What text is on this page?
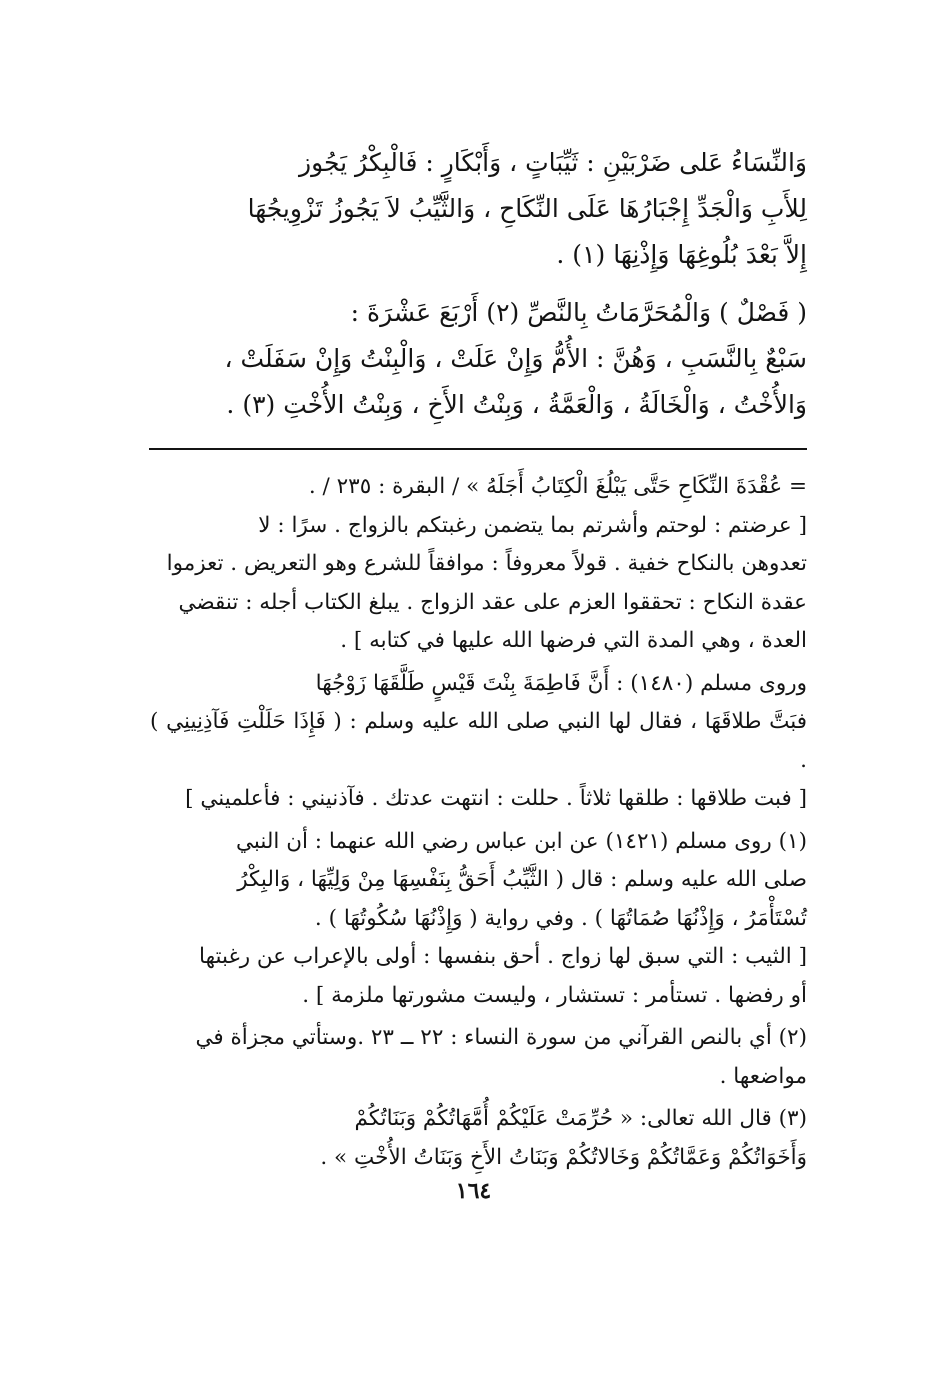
وَالنِّسَاءُ عَلى ضَرْبَيْنِ : ثَيِّبَاتٍ ، وَأَبْكَارٍ : فَالْبِكْرُ يَجُوز

لِلأَبِ وَالْجَدِّ إِجْبَارُهَا عَلَى النِّكَاحِ ، وَالثَّيِّبُ لاَ يَجُوزُ تَزْوِيجُهَا

إِلاَّ بَعْدَ بُلُوغِهَا وَإِذْنِهَا (١) .

( فَصْلٌ ) وَالْمُحَرَّمَاتُ بِالنَّصِّ (٢) أَرْبَعَ عَشْرَةَ :

سَبْعٌ بِالنَّسَبِ ، وَهُنَّ : الأُمُّ وَإِنْ عَلَتْ ، وَالْبِنْتُ وَإِنْ سَفَلَتْ ،

وَالأُخْتُ ، وَالْخَالَةُ ، وَالْعَمَّةُ ، وَبِنْتُ الأَخِ ، وَبِنْتُ الأُخْتِ (٣) .

= عُقْدَةَ النِّكَاحِ حَتَّى يَبْلُغَ الْكِتَابُ أَجَلَهُ » / البقرة : ٢٣٥ / .

[ عرضتم : لوحتم وأشرتم بما يتضمن رغبتكم بالزواج . سرًا : لا

تعدوهن بالنكاح خفية . قولاً معروفاً : موافقاً للشرع وهو التعريض . تعزموا

عقدة النكاح : تحققوا العزم على عقد الزواج . يبلغ الكتاب أجله : تنقضي

العدة ، وهي المدة التي فرضها الله عليها في كتابه ] .

وروى مسلم (١٤٨٠) : أَنَّ فَاطِمَةَ بِنْتَ قَيْسٍ طَلَّقَهَا زَوْجُهَا

فبَتَّ طلاقَهَا ، فقال لها النبي صلى الله عليه وسلم : ( فَإِذَا حَلَلْتِ فَآذِنِينِي ) .

[ فبت طلاقها : طلقها ثلاثاً . حللت : انتهت عدتك . فآذنيني : فأعلميني ]

(١) روى مسلم (١٤٢١) عن ابن عباس رضي الله عنهما : أن النبي

صلى الله عليه وسلم : قال ( الثَّيِّبُ أَحَقُّ بِنَفْسِهَا مِنْ وَلِيِّهَا ، وَالبِكْرُ

تُسْتَأْمَرُ ، وَإِذْنُهَا صُمَاتُهَا ) . وفي رواية ( وَإِذْنُهَا سُكُوتُهَا ) .

[ الثيب : التي سبق لها زواج . أحق بنفسها : أولى بالإعراب عن رغبتها

أو رفضها . تستأمر : تستشار ، وليست مشورتها ملزمة ] .

(٢) أي بالنص القرآني من سورة النساء : ٢٢ ــ ٢٣ .وستأتي مجزأة في

مواضعها .

(٣) قال الله تعالى: « حُرِّمَتْ عَلَيْكُمْ أُمَّهَاتُكُمْ وَبَنَاتُكُمْ

وَأَخَوَاتُكُمْ وَعَمَّاتُكُمْ وَخَالاتُكُمْ وَبَنَاتُ الأَخِ وَبَنَاتُ الأُخْتِ » .

١٦٤
